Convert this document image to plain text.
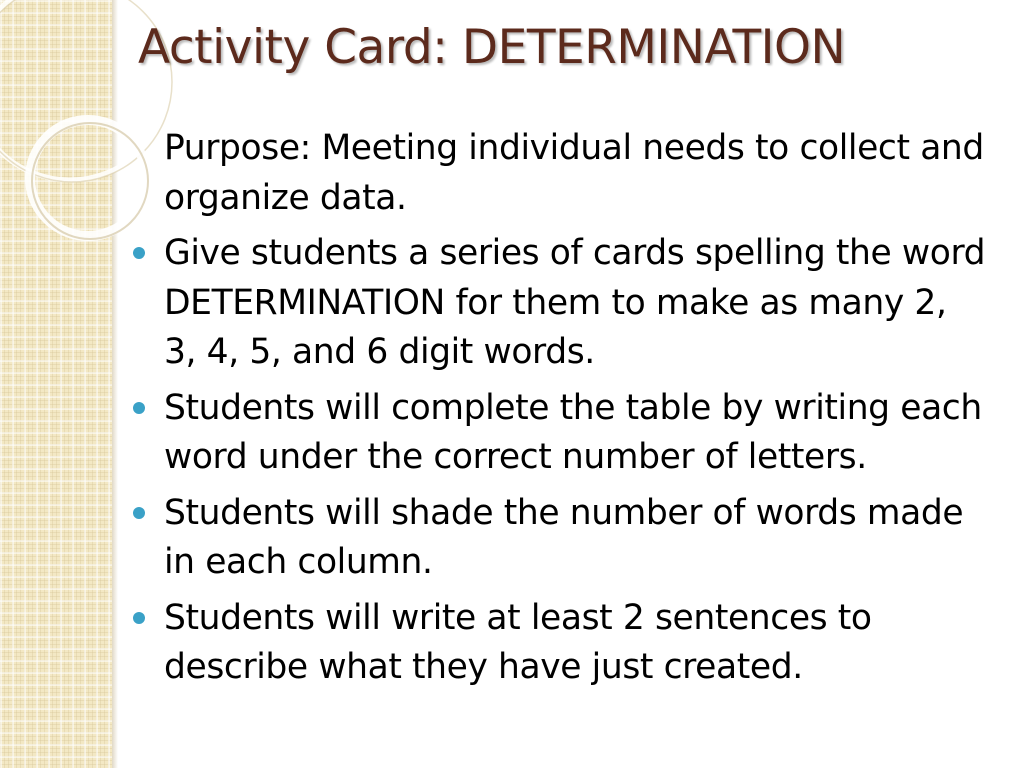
Activity Card: DETERMINATION
Purpose: Meeting individual needs to collect and organize data.
Give students a series of cards spelling the word DETERMINATION for them to make as many 2, 3, 4, 5, and 6 digit words.
Students will complete the table by writing each word under the correct number of letters.
Students will shade the number of words made in each column.
Students will write at least 2 sentences to describe what they have just created.
